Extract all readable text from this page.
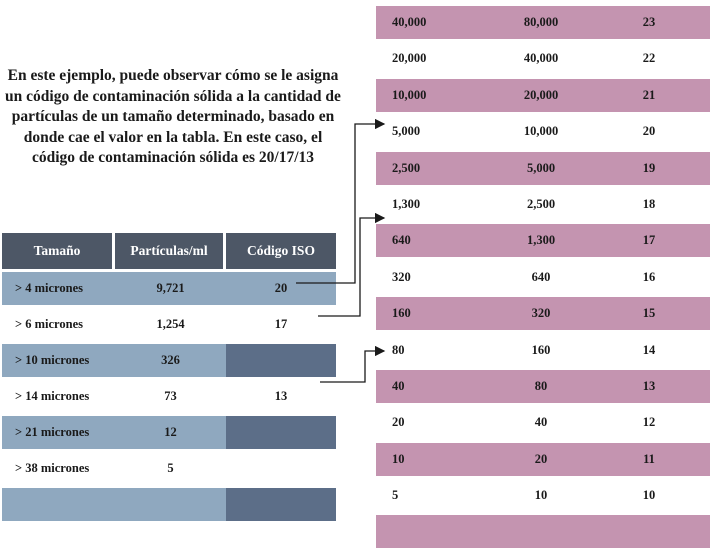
En este ejemplo, puede observar cómo se le asigna un código de contaminación sólida a la cantidad de partículas de un tamaño determinado, basado en donde cae el valor en la tabla. En este caso, el código de contaminación sólida es 20/17/13
Tamaño	Partículas/ml	Código ISO
> 4 micrones	9,721	20
> 6 micrones	1,254	17
> 10 micrones	326
> 14 micrones	73	13
> 21 micrones	12
> 38 micrones	5
40,000	80,000	23
20,000	40,000	22
10,000	20,000	21
5,000	10,000	20
2,500	5,000	19
1,300	2,500	18
640	1,300	17
320	640	16
160	320	15
80	160	14
40	80	13
20	40	12
10	20	11
5	10	10
